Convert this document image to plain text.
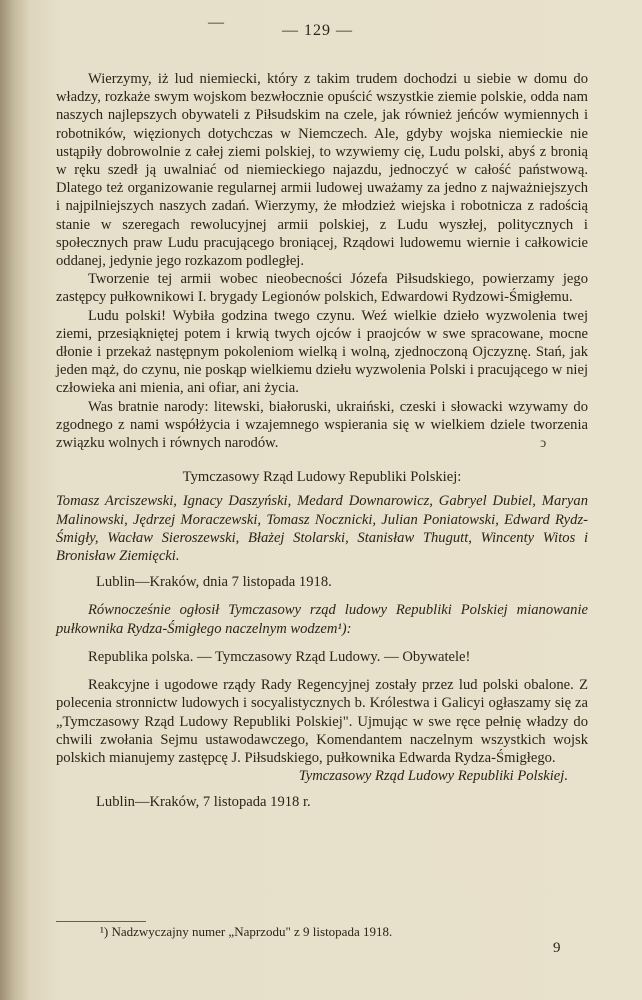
—	— 129 —

Wierzymy, iż lud niemiecki, który z takim trudem dochodzi u siebie w domu do władzy, rozkaże swym wojskom bezwłocznie opuścić wszystkie ziemie polskie, odda nam naszych najlepszych obywateli z Piłsudskim na czele, jak również jeńców wymiennych i robotników, więzionych dotychczas w Niemczech. Ale, gdyby wojska niemieckie nie ustąpiły dobrowolnie z całej ziemi polskiej, to wzywiemy cię, Ludu polski, abyś z bronią w ręku szedł ją uwalniać od niemieckiego najazdu, jednoczyć w całość państwową. Dlatego też organizowanie regularnej armii ludowej uważamy za jedno z najważniejszych i najpilniejszych naszych zadań. Wierzymy, że młodzież wiejska i robotnicza z radością stanie w szeregach rewolucyjnej armii polskiej, z Ludu wyszłej, politycznych i społecznych praw Ludu pracującego broniącej, Rządowi ludowemu wiernie i całkowicie oddanej, jedynie jego rozkazom podległej.

Tworzenie tej armii wobec nieobecności Józefa Piłsudskiego, powierzamy jego zastępcy pułkownikowi I. brygady Legionów polskich, Edwardowi Rydzowi-Śmigłemu.

Ludu polski! Wybiła godzina twego czynu. Weź wielkie dzieło wyzwolenia twej ziemi, przesiąkniętej potem i krwią twych ojców i praojców w swe spracowane, mocne dłonie i przekaż następnym pokoleniom wielką i wolną, zjednoczoną Ojczyznę. Stań, jak jeden mąż, do czynu, nie poskąp wielkiemu dziełu wyzwolenia Polski i pracującego w niej człowieka ani mienia, ani ofiar, ani życia.

Was bratnie narody: litewski, białoruski, ukraiński, czeski i słowacki wzywamy do zgodnego z nami współżycia i wzajemnego wspierania się w wielkiem dziele tworzenia związku wolnych i równych narodów.

Tymczasowy Rząd Ludowy Republiki Polskiej:

Tomasz Arciszewski, Ignacy Daszyński, Medard Downarowicz, Gabryel Dubiel, Maryan Malinowski, Jędrzej Moraczewski, Tomasz Nocznicki, Julian Poniatowski, Edward Rydz-Śmigły, Wacław Sieroszewski, Błażej Stolarski, Stanisław Thugutt, Wincenty Witos i Bronisław Ziemięcki.

Lublin—Kraków, dnia 7 listopada 1918.

Równocześnie ogłosił Tymczasowy rząd ludowy Republiki Polskiej mianowanie pułkownika Rydza-Śmigłego naczelnym wodzem¹):

Republika polska. — Tymczasowy Rząd Ludowy. — Obywatele!

Reakcyjne i ugodowe rządy Rady Regencyjnej zostały przez lud polski obalone. Z polecenia stronnictw ludowych i socyalistycznych b. Królestwa i Galicyi ogłaszamy się za „Tymczasowy Rząd Ludowy Republiki Polskiej". Ujmując w swe ręce pełnię władzy do chwili zwołania Sejmu ustawodawczego, Komendantem naczelnym wszystkich wojsk polskich mianujemy zastępcę J. Piłsudskiego, pułkownika Edwarda Rydza-Śmigłego.

Tymczasowy Rząd Ludowy Republiki Polskiej.

Lublin—Kraków, 7 listopada 1918 r.

ↄ
¹) Nadzwyczajny numer „Naprzodu" z 9 listopada 1918.
9
